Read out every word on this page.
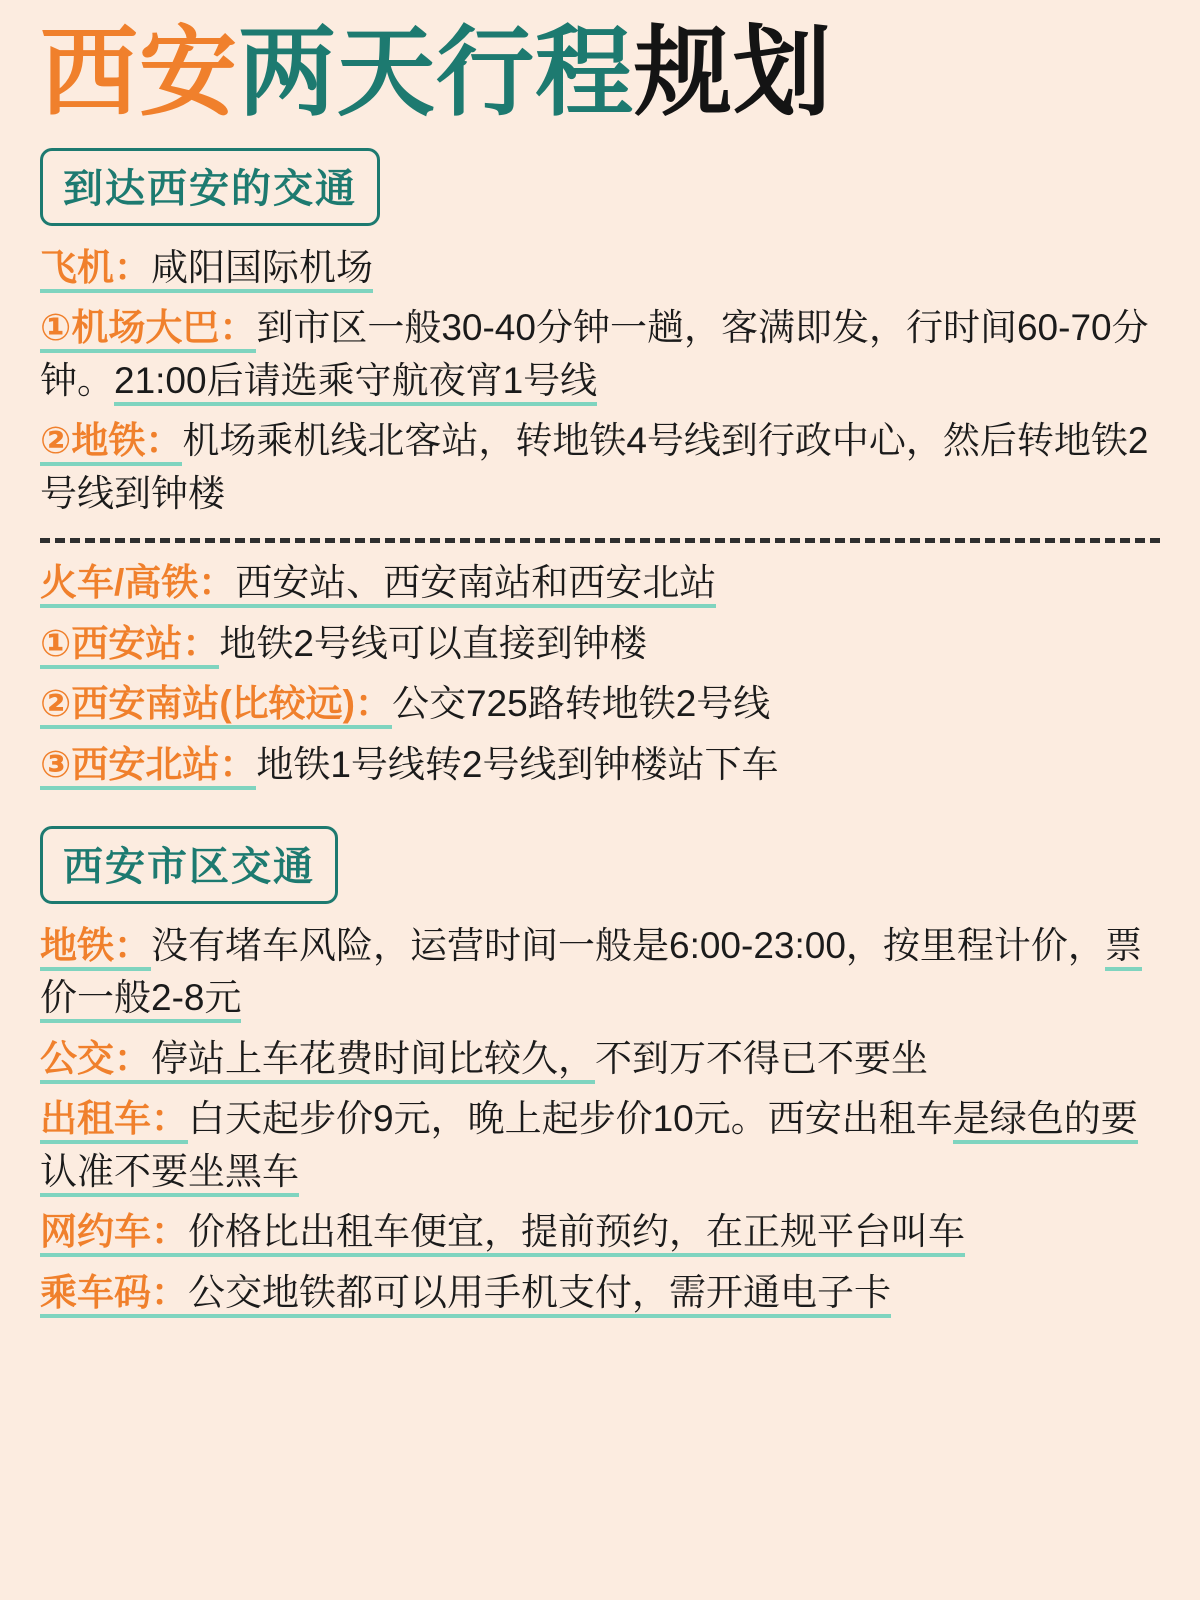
西安两天行程规划
到达西安的交通
飞机：咸阳国际机场
①机场大巴：到市区一般30-40分钟一趟，客满即发，行时间60-70分钟。21:00后请选乘守航夜宵1号线
②地铁：机场乘机线北客站，转地铁4号线到行政中心，然后转地铁2号线到钟楼
火车/高铁：西安站、西安南站和西安北站
①西安站：地铁2号线可以直接到钟楼
②西安南站(比较远)：公交725路转地铁2号线
③西安北站：地铁1号线转2号线到钟楼站下车
西安市区交通
地铁：没有堵车风险，运营时间一般是6:00-23:00，按里程计价，票价一般2-8元
公交：停站上车花费时间比较久，不到万不得已不要坐
出租车：白天起步价9元，晚上起步价10元。西安出租车是绿色的要认准不要坐黑车
网约车：价格比出租车便宜，提前预约，在正规平台叫车
乘车码：公交地铁都可以用手机支付，需开通电子卡
